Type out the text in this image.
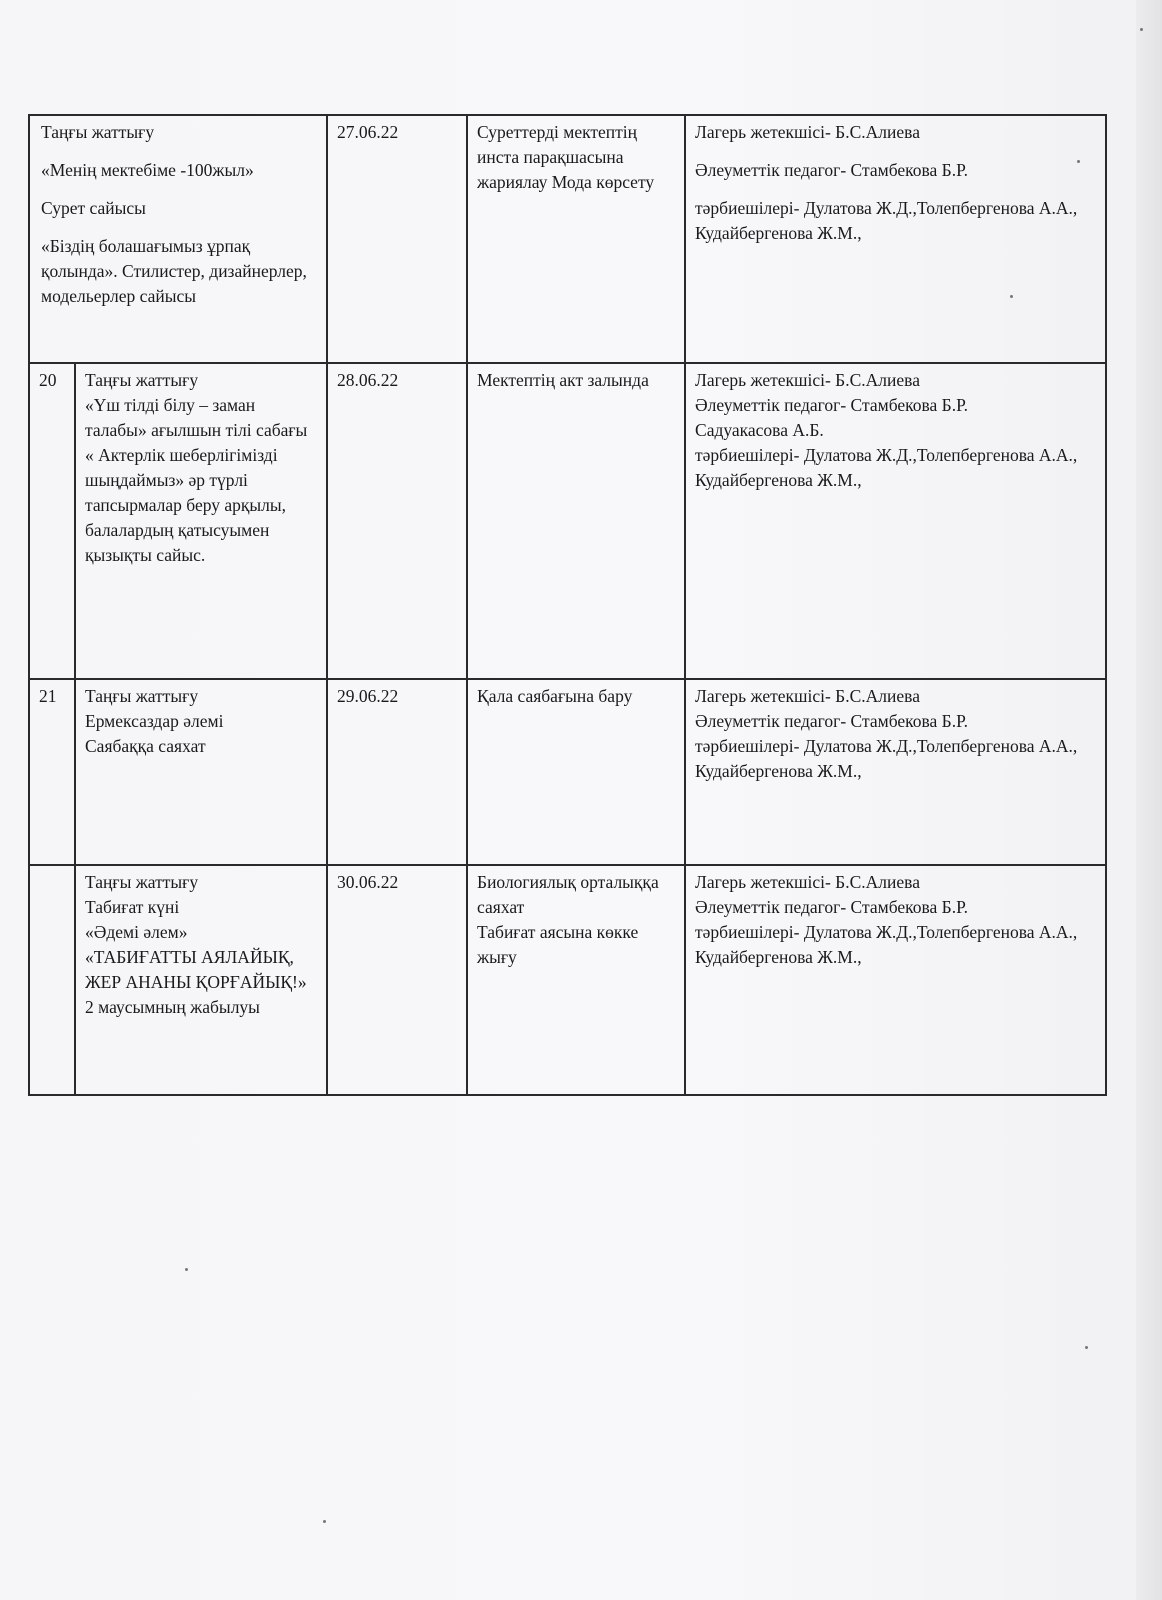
Таңғы жаттығу
«Менің мектебіме -100жыл»
Сурет сайысы
«Біздің болашағымыз ұрпақ қолында». Стилистер, дизайнерлер, модельерлер сайысы		27.06.22	Суреттерді мектептің инста парақшасына жариялау Мода көрсету	Лагерь жетекшісі- Б.С.Алиева
Әлеуметтік педагог- Стамбекова Б.Р.
тәрбиешілері- Дулатова Ж.Д.,Толепбергенова А.А., Кудайбергенова Ж.М.,

20	Таңғы жаттығу
«Үш тілді білу – заман талабы» ағылшын тілі сабағы
« Актерлік шеберлігімізді шыңдаймыз» әр түрлі тапсырмалар беру арқылы, балалардың қатысуымен қызықты сайыс.	28.06.22	Мектептің акт залында	Лагерь жетекшісі- Б.С.Алиева
Әлеуметтік педагог- Стамбекова Б.Р.
Садуакасова А.Б.
тәрбиешілері- Дулатова Ж.Д.,Толепбергенова А.А., Кудайбергенова Ж.М.,

21	Таңғы жаттығу
Ермексаздар әлемі
Саябаққа саяхат	29.06.22	Қала саябағына бару	Лагерь жетекшісі- Б.С.Алиева
Әлеуметтік педагог- Стамбекова Б.Р.
тәрбиешілері- Дулатова Ж.Д.,Толепбергенова А.А., Кудайбергенова Ж.М.,

	Таңғы жаттығу
Табиғат күні
«Әдемі әлем»
«ТАБИҒАТТЫ АЯЛАЙЫҚ, ЖЕР АНАНЫ ҚОРҒАЙЫҚ!»
2 маусымның жабылуы	30.06.22	Биологиялық орталыққа саяхат
Табиғат аясына көкке жығу	Лагерь жетекшісі- Б.С.Алиева
Әлеуметтік педагог- Стамбекова Б.Р.
тәрбиешілері- Дулатова Ж.Д.,Толепбергенова А.А., Кудайбергенова Ж.М.,
